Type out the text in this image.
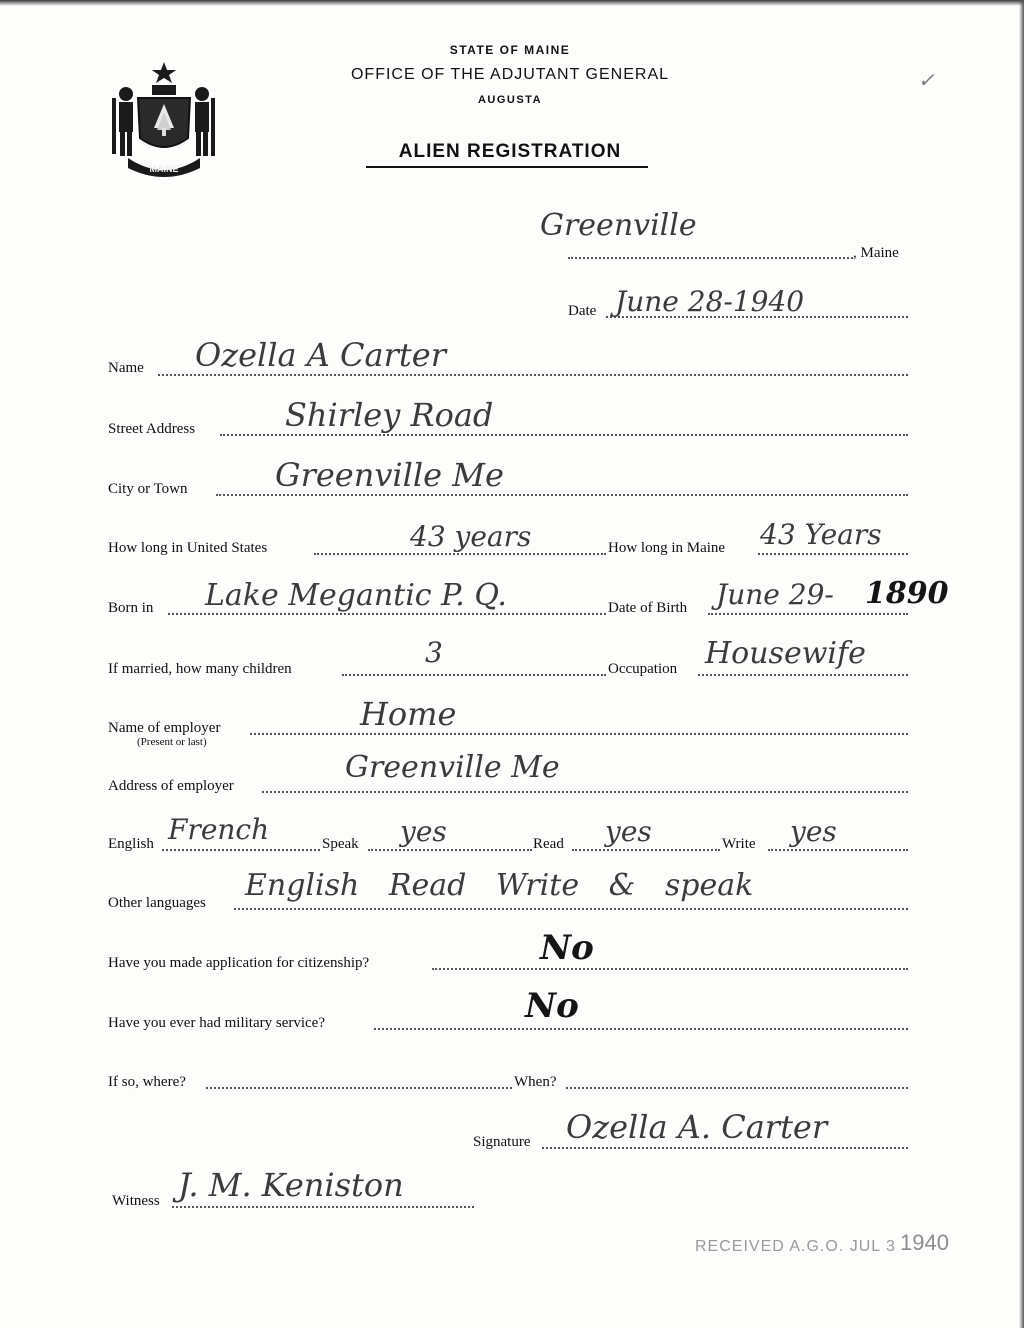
MAINE
STATE OF MAINE
OFFICE OF THE ADJUTANT GENERAL
AUGUSTA
ALIEN REGISTRATION
✓
Greenville
, Maine
Date June 28-1940
Name Ozella A Carter
Street Address	Shirley Road
City or Town	Greenville Me
How long in United States	43 years	How long in Maine 43 Years
Born in Lake Megantic P. Q.	Date of Birth June 29- 1890
If married, how many children	3	Occupation Housewife
Name of employer
(Present or last)
Home
Address of employer
Greenville Me
English French	Speak yes	Read yes	Write yes
Other languages English Read Write & speak
Have you made application for citizenship?	No
Have you ever had military service?	No
If so, where?	When?
Signature Ozella A. Carter
Witness J. M. Keniston
RECEIVED A.G.O. JUL 3 1940
